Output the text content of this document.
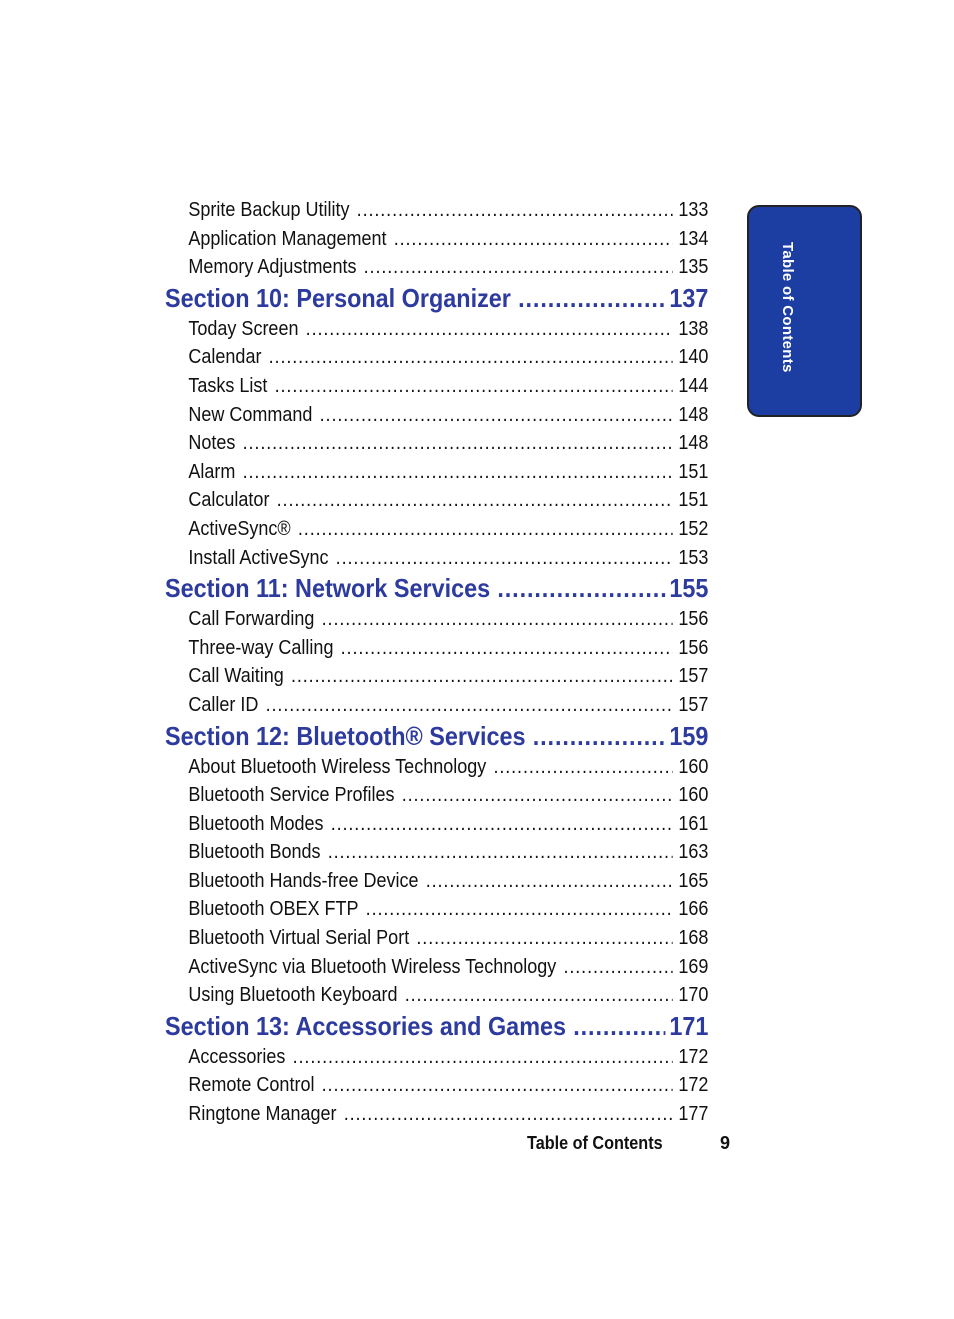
Sprite Backup Utility .....	133
Application Management .....	134
Memory Adjustments .....	135
Section 10: Personal Organizer .....	137
Today Screen .....	138
Calendar .....	140
Tasks List .....	144
New Command .....	148
Notes .....	148
Alarm .....	151
Calculator .....	151
ActiveSync® .....	152
Install ActiveSync .....	153
Section 11: Network Services .....	155
Call Forwarding .....	156
Three-way Calling .....	156
Call Waiting .....	157
Caller ID .....	157
Section 12: Bluetooth® Services .....	159
About Bluetooth Wireless Technology .....	160
Bluetooth Service Profiles .....	160
Bluetooth Modes .....	161
Bluetooth Bonds .....	163
Bluetooth Hands-free Device .....	165
Bluetooth OBEX FTP .....	166
Bluetooth Virtual Serial Port .....	168
ActiveSync via Bluetooth Wireless Technology .....	169
Using Bluetooth Keyboard .....	170
Section 13: Accessories and Games .....	171
Accessories .....	172
Remote Control .....	172
Ringtone Manager .....	177
Table of Contents
Table of Contents	9
